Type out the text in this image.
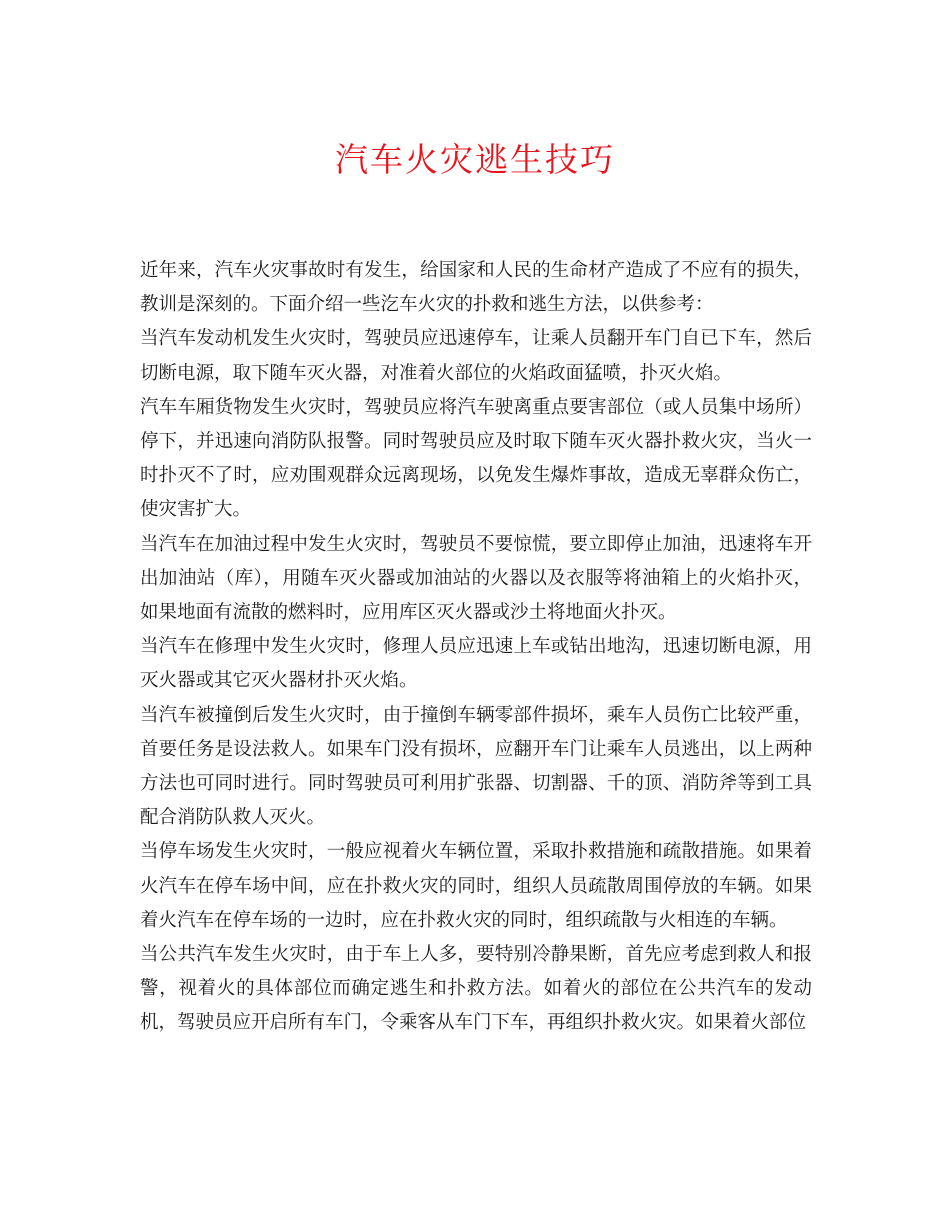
汽车火灾逃生技巧

近年来，汽车火灾事故时有发生，给国家和人民的生命材产造成了不应有的损失，教训是深刻的。下面介绍一些汔车火灾的扑救和逃生方法，以供参考：

当汽车发动机发生火灾时，驾驶员应迅速停车，让乘人员翻开车门自已下车，然后切断电源，取下随车灭火器，对准着火部位的火焰政面猛喷，扑灭火焰。

汽车车厢货物发生火灾时，驾驶员应将汽车驶离重点要害部位（或人员集中场所）停下，并迅速向消防队报警。同时驾驶员应及时取下随车灭火器扑救火灾，当火一时扑灭不了时，应劝围观群众远离现场，以免发生爆炸事故，造成无辜群众伤亡，使灾害扩大。

当汽车在加油过程中发生火灾时，驾驶员不要惊慌，要立即停止加油，迅速将车开出加油站（库），用随车灭火器或加油站的火器以及衣服等将油箱上的火焰扑灭，如果地面有流散的燃料时，应用库区灭火器或沙土将地面火扑灭。

当汽车在修理中发生火灾时，修理人员应迅速上车或钻出地沟，迅速切断电源，用灭火器或其它灭火器材扑灭火焰。

当汽车被撞倒后发生火灾时，由于撞倒车辆零部件损坏，乘车人员伤亡比较严重，首要任务是设法救人。如果车门没有损坏，应翻开车门让乘车人员逃出，以上两种方法也可同时进行。同时驾驶员可利用扩张器、切割器、千的顶、消防斧等到工具配合消防队救人灭火。

当停车场发生火灾时，一般应视着火车辆位置，采取扑救措施和疏散措施。如果着火汽车在停车场中间，应在扑救火灾的同时，组织人员疏散周围停放的车辆。如果着火汽车在停车场的一边时，应在扑救火灾的同时，组织疏散与火相连的车辆。

当公共汽车发生火灾时，由于车上人多，要特别冷静果断，首先应考虑到救人和报警，视着火的具体部位而确定逃生和扑救方法。如着火的部位在公共汽车的发动机，驾驶员应开启所有车门，令乘客从车门下车，再组织扑救火灾。如果着火部位
